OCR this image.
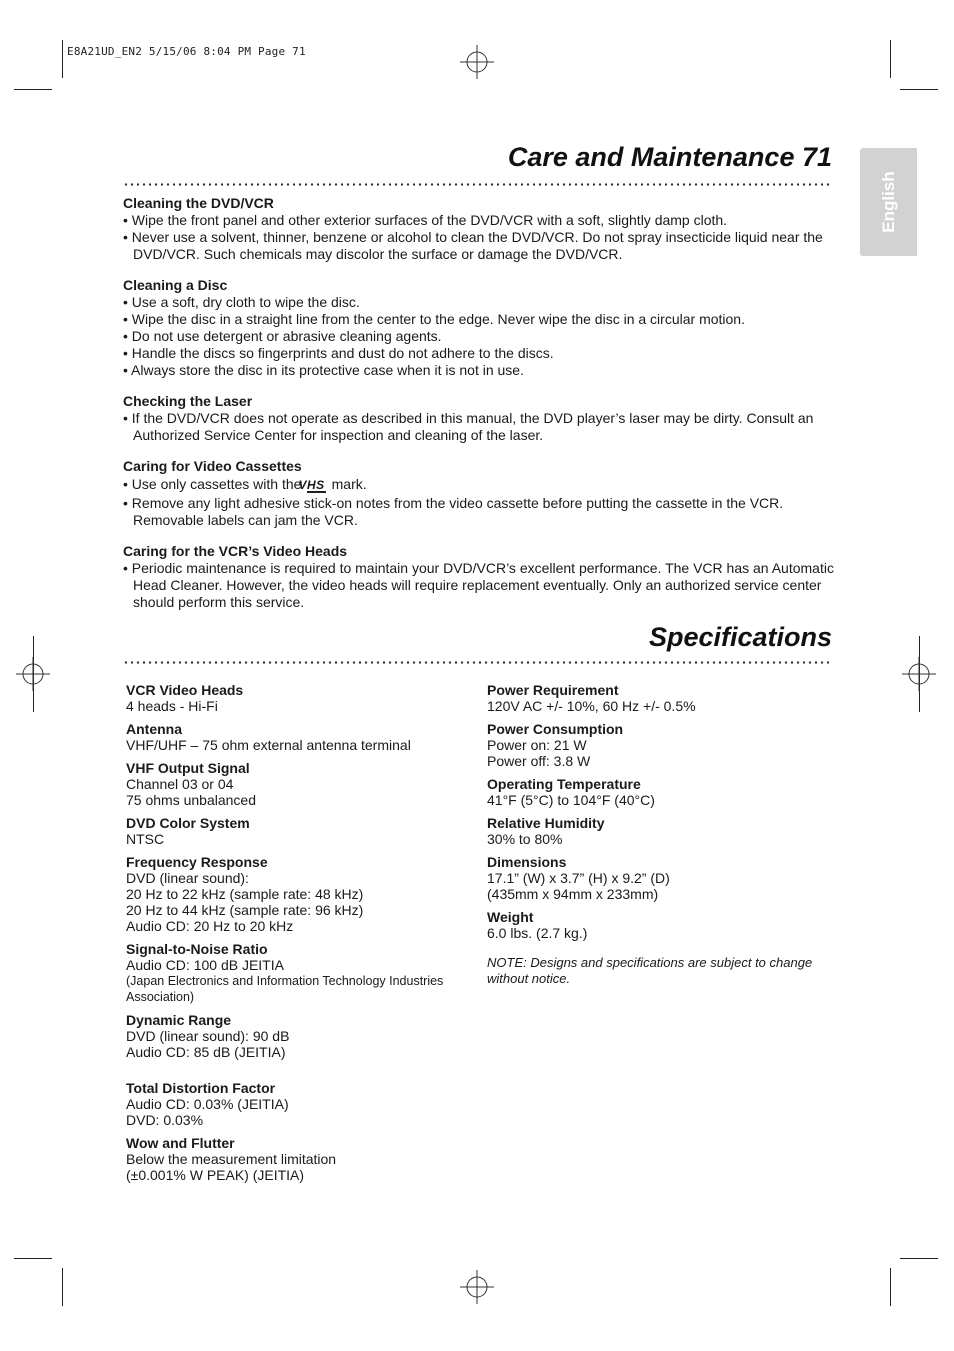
E8A21UD_EN2 5/15/06 8:04 PM Page 71
English
Care and Maintenance 71
Cleaning the DVD/VCR
• Wipe the front panel and other exterior surfaces of the DVD/VCR with a soft, slightly damp cloth.
• Never use a solvent, thinner, benzene or alcohol to clean the DVD/VCR. Do not spray insecticide liquid near the DVD/VCR. Such chemicals may discolor the surface or damage the DVD/VCR.
Cleaning a Disc
• Use a soft, dry cloth to wipe the disc.
• Wipe the disc in a straight line from the center to the edge. Never wipe the disc in a circular motion.
• Do not use detergent or abrasive cleaning agents.
• Handle the discs so fingerprints and dust do not adhere to the discs.
• Always store the disc in its protective case when it is not in use.
Checking the Laser
• If the DVD/VCR does not operate as described in this manual, the DVD player’s laser may be dirty. Consult an Authorized Service Center for inspection and cleaning of the laser.
Caring for Video Cassettes
• Use only cassettes with theVHS mark.
• Remove any light adhesive stick-on notes from the video cassette before putting the cassette in the VCR. Removable labels can jam the VCR.
Caring for the VCR’s Video Heads
• Periodic maintenance is required to maintain your DVD/VCR’s excellent performance. The VCR has an Automatic Head Cleaner. However, the video heads will require replacement eventually. Only an authorized service center should perform this service.
Specifications
VCR Video Heads
4 heads - Hi-Fi
Antenna
VHF/UHF – 75 ohm external antenna terminal
VHF Output Signal
Channel 03 or 04
75 ohms unbalanced
DVD Color System
NTSC
Frequency Response
DVD (linear sound):
20 Hz to 22 kHz (sample rate: 48 kHz)
20 Hz to 44 kHz (sample rate: 96 kHz)
Audio CD: 20 Hz to 20 kHz
Signal-to-Noise Ratio
Audio CD: 100 dB JEITIA
(Japan Electronics and Information Technology Industries Association)
Dynamic Range
DVD (linear sound): 90 dB
Audio CD: 85 dB (JEITIA)
Total Distortion Factor
Audio CD: 0.03% (JEITIA)
DVD: 0.03%
Wow and Flutter
Below the measurement limitation
(±0.001% W PEAK) (JEITIA)
Power Requirement
120V AC +/- 10%, 60 Hz +/- 0.5%
Power Consumption
Power on: 21 W
Power off: 3.8 W
Operating Temperature
41°F (5°C) to 104°F (40°C)
Relative Humidity
30% to 80%
Dimensions
17.1” (W) x 3.7” (H) x 9.2” (D)
(435mm x 94mm x 233mm)
Weight
6.0 lbs. (2.7 kg.)
NOTE: Designs and specifications are subject to change without notice.
